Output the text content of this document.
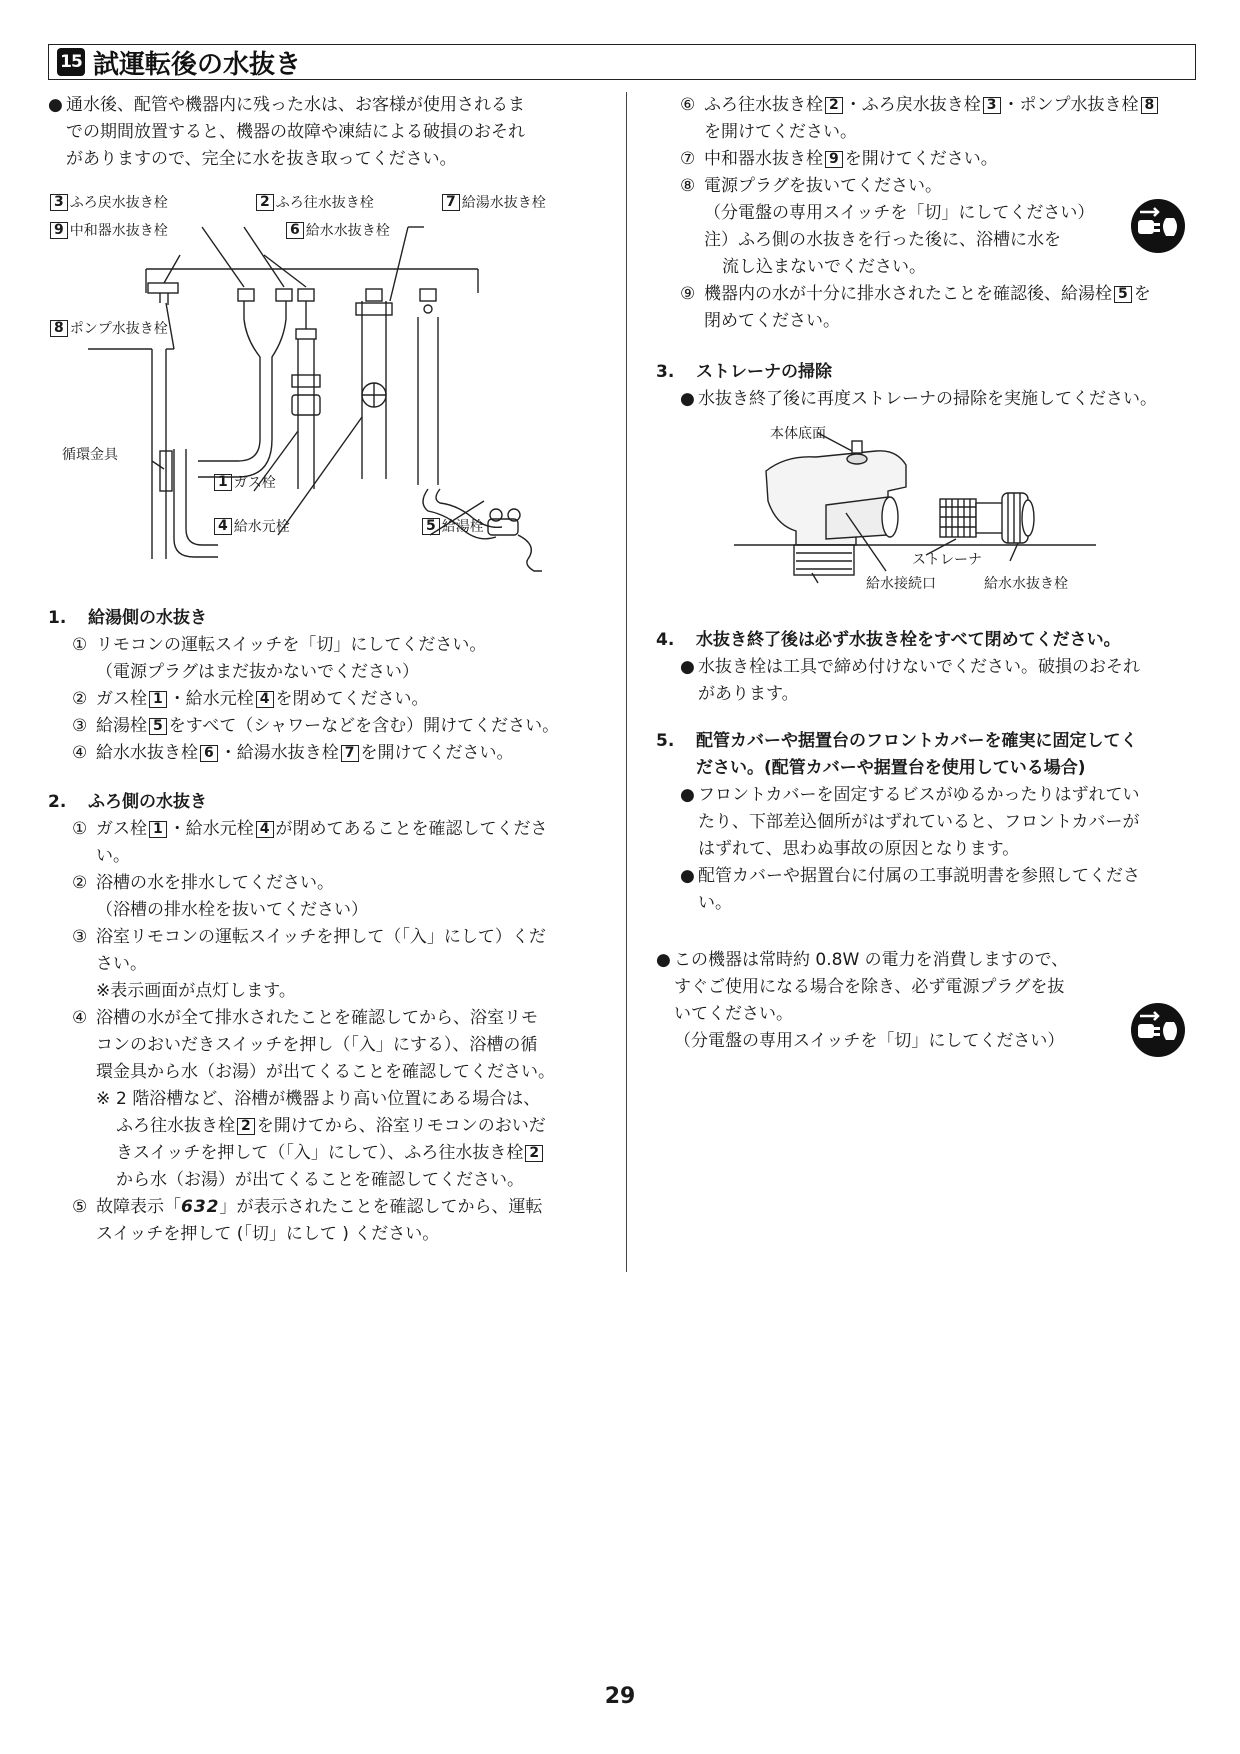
15 試運転後の水抜き
● 通水後、配管や機器内に残った水は、お客様が使用されるま
での期間放置すると、機器の故障や凍結による破損のおそれ
がありますので、完全に水を抜き取ってください。
3 ふろ戻水抜き栓	2 ふろ往水抜き栓	7 給湯水抜き栓
9 中和器水抜き栓	6 給水水抜き栓
8 ポンプ水抜き栓
循環金具
1 ガス栓
4 給水元栓	5 給湯栓
1.	給湯側の水抜き
① リモコンの運転スイッチを「切」にしてください。
（電源プラグはまだ抜かないでください）
② ガス栓 1 ・給水元栓 4 を閉めてください。
③ 給湯栓 5 をすべて（シャワーなどを含む）開けてください。
④ 給水水抜き栓 6 ・給湯水抜き栓 7 を開けてください。
2.	ふろ側の水抜き
① ガス栓 1 ・給水元栓 4 が閉めてあることを確認してくださ
い。
② 浴槽の水を排水してください。
（浴槽の排水栓を抜いてください）
③ 浴室リモコンの運転スイッチを押して（「入」にして）くだ
さい。
※表示画面が点灯します。
④ 浴槽の水が全て排水されたことを確認してから、浴室リモ
コンのおいだきスイッチを押し（「入」にする）、浴槽の循
環金具から水（お湯）が出てくることを確認してください。
※ 2 階浴槽など、浴槽が機器より高い位置にある場合は、
ふろ往水抜き栓 2 を開けてから、浴室リモコンのおいだ
きスイッチを押して（「入」にして）、ふろ往水抜き栓 2
から水（お湯）が出てくることを確認してください。
⑤ 故障表示「632」が表示されたことを確認してから、運転
スイッチを押して (「切」にして ) ください。
⑥ ふろ往水抜き栓 2 ・ふろ戻水抜き栓 3 ・ポンプ水抜き栓 8
を開けてください。
⑦ 中和器水抜き栓 9 を開けてください。
⑧ 電源プラグを抜いてください。
（分電盤の専用スイッチを「切」にしてください）
注）ふろ側の水抜きを行った後に、浴槽に水を
流し込まないでください。
⑨ 機器内の水が十分に排水されたことを確認後、給湯栓 5 を
閉めてください。
3.	ストレーナの掃除
● 水抜き終了後に再度ストレーナの掃除を実施してください。
本体底面
ストレーナ
給水接続口	給水水抜き栓
4.	水抜き終了後は必ず水抜き栓をすべて閉めてください。
● 水抜き栓は工具で締め付けないでください。破損のおそれ
があります。
5.	配管カバーや据置台のフロントカバーを確実に固定してく
ださい。(配管カバーや据置台を使用している場合)
● フロントカバーを固定するビスがゆるかったりはずれてい
たり、下部差込個所がはずれていると、フロントカバーが
はずれて、思わぬ事故の原因となります。
● 配管カバーや据置台に付属の工事説明書を参照してくださ
い。
● この機器は常時約 0.8W の電力を消費しますので、
すぐご使用になる場合を除き、必ず電源プラグを抜
いてください。
（分電盤の専用スイッチを「切」にしてください）
29
